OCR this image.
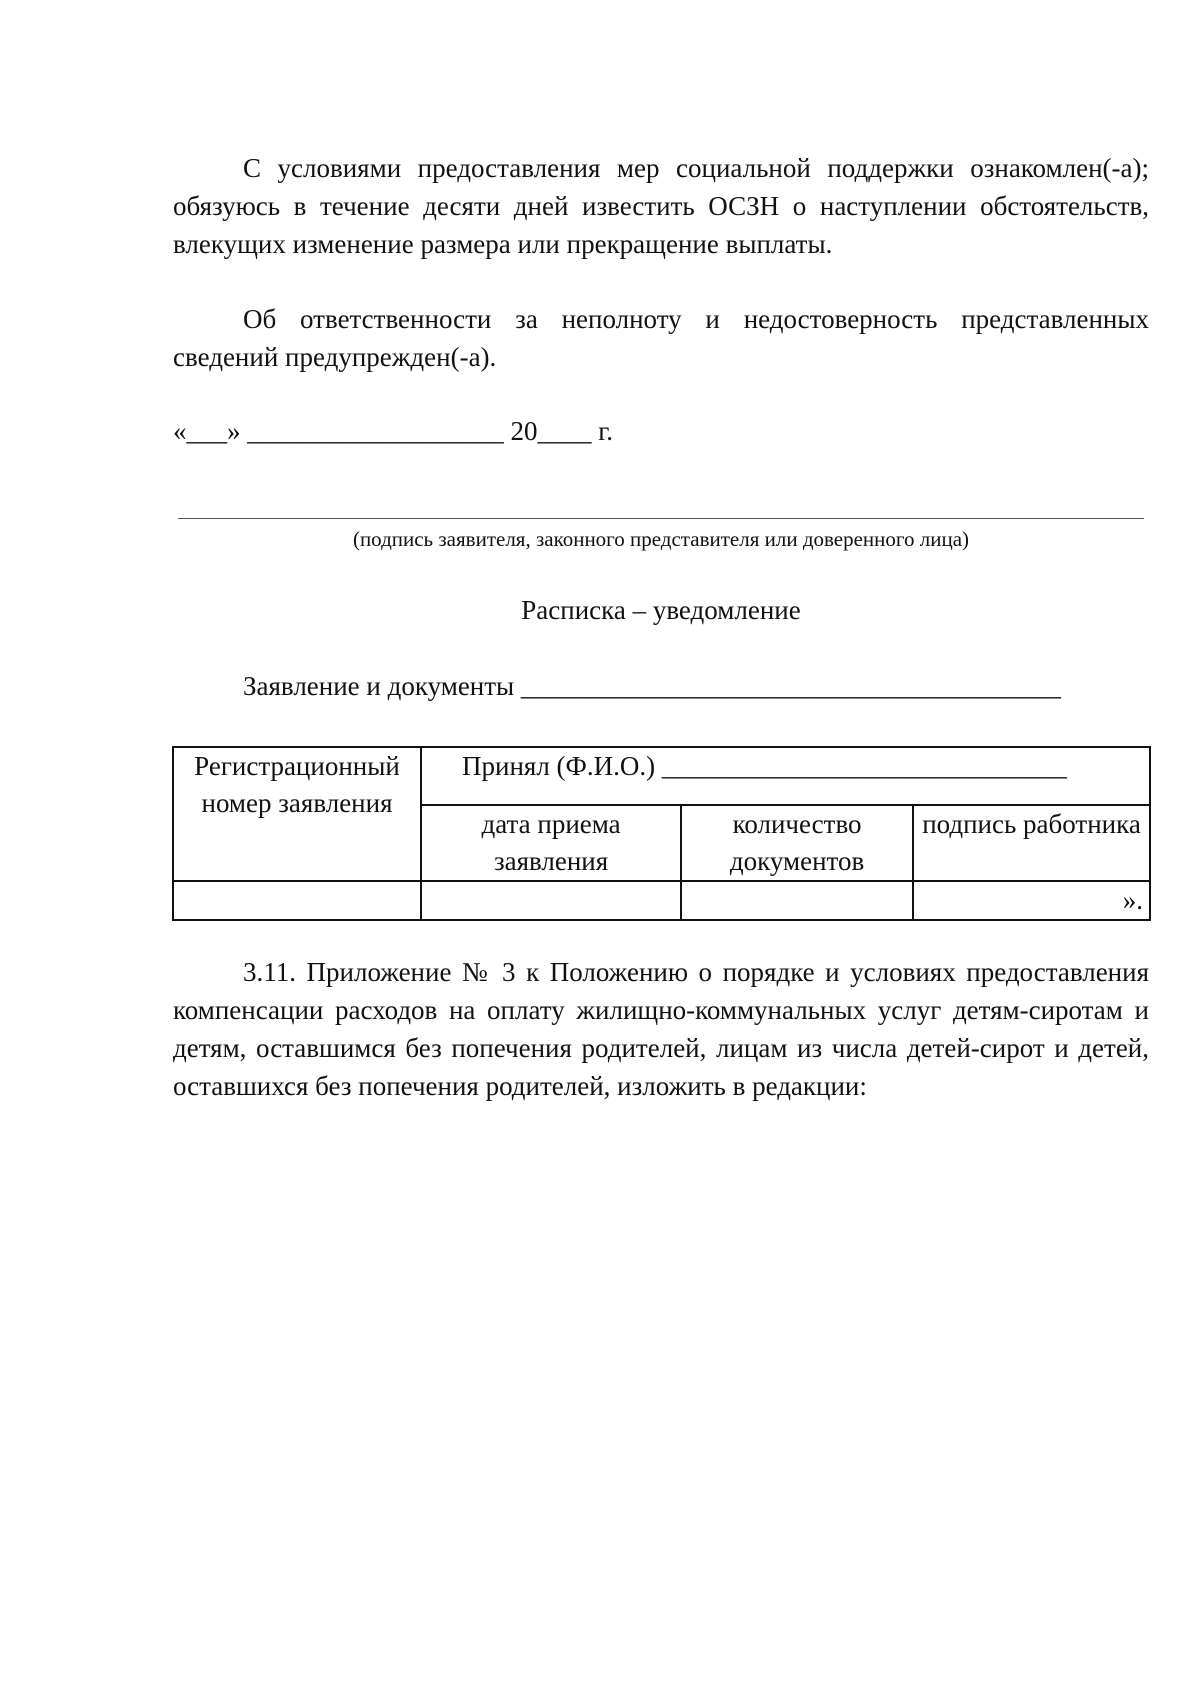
С условиями предоставления мер социальной поддержки ознакомлен(-а); обязуюсь в течение десяти дней известить ОСЗН о наступлении обстоятельств, влекущих изменение размера или прекращение выплаты.

Об ответственности за неполноту и недостоверность представленных сведений предупрежден(-а).

«___» ___________________ 20____ г.
(подпись заявителя, законного представителя или доверенного лица)
Расписка – уведомление
Заявление и документы ________________________________________
Регистрационный номер заявления	Принял (Ф.И.О.) ______________________________		
	дата приема заявления	количество документов	подпись работника
			».

3.11. Приложение № 3 к Положению о порядке и условиях предоставления компенсации расходов на оплату жилищно-коммунальных услуг детям-сиротам и детям, оставшимся без попечения родителей, лицам из числа детей-сирот и детей, оставшихся без попечения родителей, изложить в редакции:
